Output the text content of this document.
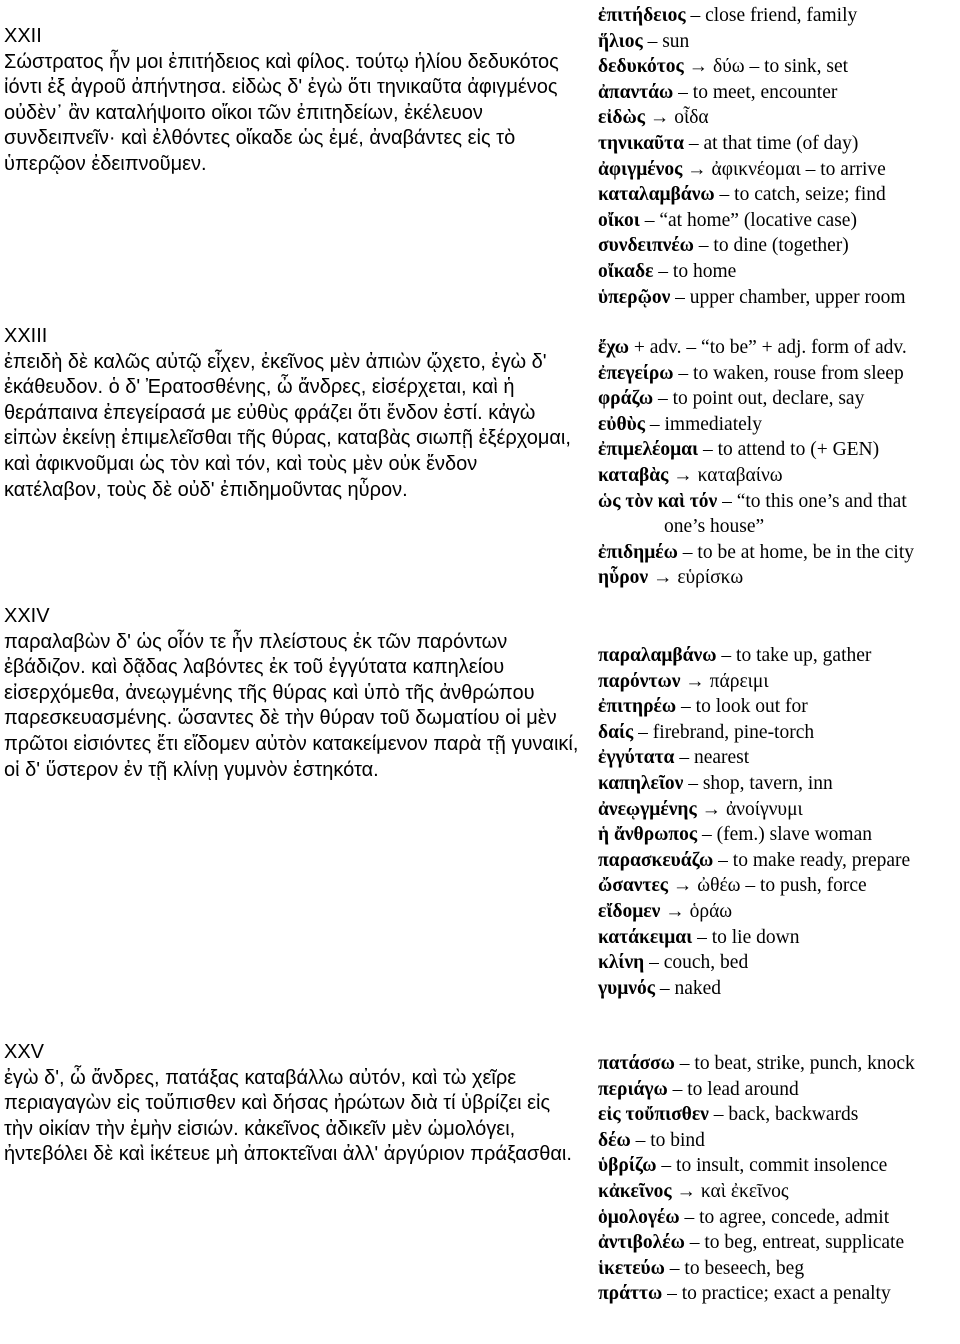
XXII

Σώστρατος ἦν μοι ἐπιτήδειος καὶ φίλος. τούτῳ ἡλίου δεδυκότος ἰόντι ἐξ ἀγροῦ ἀπήντησα. εἰδὼς δ' ἐγὼ ὅτι τηνικαῦτα ἀφιγμένος οὐδὲν᾽ ἂν καταλήψοιτο οἴκοι τῶν ἐπιτηδείων, ἐκέλευον συνδειπνεῖν· καὶ ἐλθόντες οἴκαδε ὡς ἐμέ, ἀναβάντες εἰς τὸ ὑπερῷον ἐδειπνοῦμεν.

ἐπιτήδειος – close friend, family
ἥλιος – sun
δεδυκότος → δύω – to sink, set
ἀπαντάω – to meet, encounter
εἰδὼς → οἶδα
τηνικαῦτα – at that time (of day)
ἀφιγμένος → ἀφικνέομαι – to arrive
καταλαμβάνω – to catch, seize; find
οἴκοι – “at home” (locative case)
συνδειπνέω – to dine (together)
οἴκαδε – to home
ὑπερῷον – upper chamber, upper room
XXIII

ἐπειδὴ δὲ καλῶς αὐτῷ εἶχεν, ἐκεῖνος μὲν ἀπιὼν ᾤχετο, ἐγὼ δ' ἐκάθευδον. ὁ δ' Ἐρατοσθένης, ὦ ἄνδρες, εἰσέρχεται, καὶ ἡ θεράπαινα ἐπεγείρασά με εὐθὺς φράζει ὅτι ἔνδον ἐστί. κἀγὼ εἰπὼν ἐκείνῃ ἐπιμελεῖσθαι τῆς θύρας, καταβὰς σιωπῇ ἐξέρχομαι, καὶ ἀφικνοῦμαι ὡς τὸν καὶ τόν, καὶ τοὺς μὲν οὐκ ἔνδον κατέλαβον, τοὺς δὲ οὐδ' ἐπιδημοῦντας ηὗρον.

ἔχω + adv. – “to be” + adj. form of adv.
ἐπεγείρω – to waken, rouse from sleep
φράζω – to point out, declare, say
εὐθὺς – immediately
ἐπιμελέομαι – to attend to (+ GEN)
καταβὰς → καταβαίνω
ὡς τὸν καὶ τόν – “to this one’s and that
one’s house”
ἐπιδημέω – to be at home, be in the city
ηὗρον → εὑρίσκω
XXIV

παραλαβὼν δ' ὡς οἷόν τε ἦν πλείστους ἐκ τῶν παρόντων ἐβάδιζον. καὶ δᾷδας λαβόντες ἐκ τοῦ ἐγγύτατα καπηλείου εἰσερχόμεθα, ἀνεῳγμένης τῆς θύρας καὶ ὑπὸ τῆς ἀνθρώπου παρεσκευασμένης. ὤσαντες δὲ τὴν θύραν τοῦ δωματίου οἱ μὲν πρῶτοι εἰσιόντες ἔτι εἴδομεν αὐτὸν κατακείμενον παρὰ τῇ γυναικί, οἱ δ' ὕστερον ἐν τῇ κλίνῃ γυμνὸν ἑστηκότα.

παραλαμβάνω – to take up, gather
παρόντων → πάρειμι
ἐπιτηρέω – to look out for
δαίς – firebrand, pine-torch
ἐγγύτατα – nearest
καπηλεῖον – shop, tavern, inn
ἀνεῳγμένης → ἀνοίγνυμι
ἡ ἄνθρωπος – (fem.) slave woman
παρασκευάζω – to make ready, prepare
ὤσαντες → ὠθέω – to push, force
εἴδομεν → ὁράω
κατάκειμαι – to lie down
κλίνη – couch, bed
γυμνός – naked
XXV

ἐγὼ δ', ὦ ἄνδρες, πατάξας καταβάλλω αὐτόν, καὶ τὼ χεῖρε περιαγαγὼν εἰς τοὔπισθεν καὶ δήσας ἠρώτων διὰ τί ὑβρίζει εἰς τὴν οἰκίαν τὴν ἐμὴν εἰσιών. κἀκεῖνος ἀδικεῖν μὲν ὡμολόγει, ἠντεβόλει δὲ καὶ ἱκέτευε μὴ ἀποκτεῖναι ἀλλ' ἀργύριον πράξασθαι.

πατάσσω – to beat, strike, punch, knock
περιάγω – to lead around
εἰς τοὔπισθεν – back, backwards
δέω – to bind
ὑβρίζω – to insult, commit insolence
κἀκεῖνος → καὶ ἐκεῖνος
ὁμολογέω – to agree, concede, admit
ἀντιβολέω – to beg, entreat, supplicate
ἱκετεύω – to beseech, beg
πράττω – to practice; exact a penalty
